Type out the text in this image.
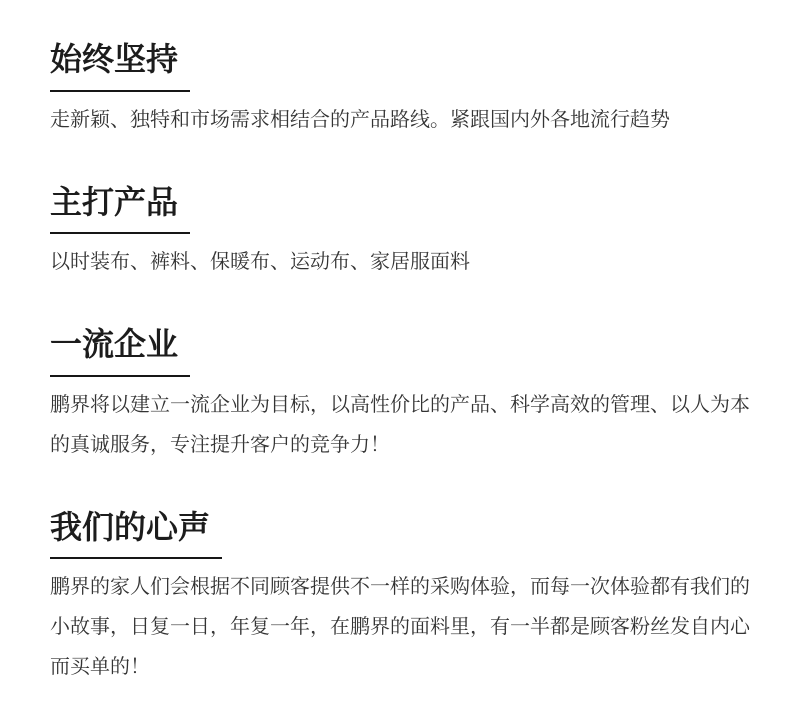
始终坚持

走新颖、独特和市场需求相结合的产品路线。紧跟国内外各地流行趋势

主打产品

以时装布、裤料、保暖布、运动布、家居服面料

一流企业

鹏界将以建立一流企业为目标，以高性价比的产品、科学高效的管理、以人为本的真诚服务，专注提升客户的竞争力！

我们的心声

鹏界的家人们会根据不同顾客提供不一样的采购体验，而每一次体验都有我们的小故事，日复一日，年复一年，在鹏界的面料里，有一半都是顾客粉丝发自内心而买单的！
